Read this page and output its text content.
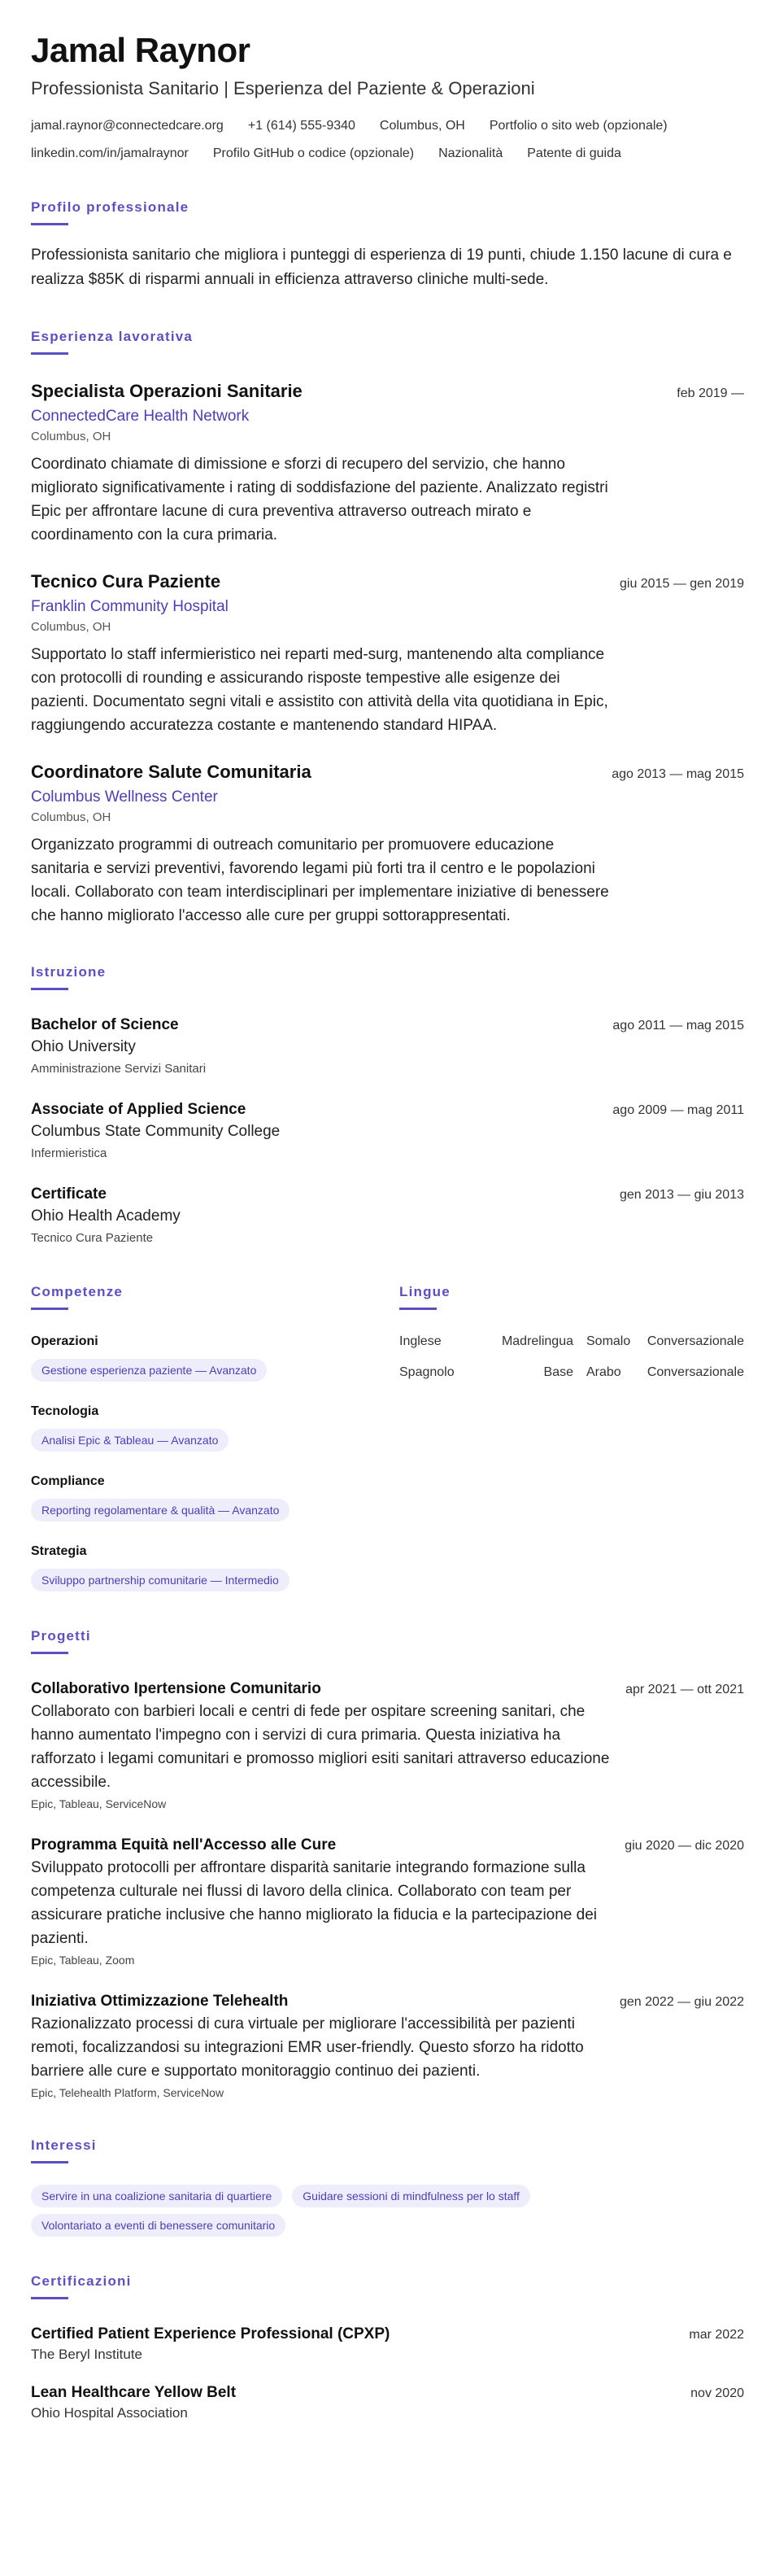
Jamal Raynor
Professionista Sanitario | Esperienza del Paziente & Operazioni
jamal.raynor@connectedcare.org +1 (614) 555-9340 Columbus, OH Portfolio o sito web (opzionale)
linkedin.com/in/jamalraynor Profilo GitHub o codice (opzionale) Nazionalità Patente di guida
Profilo professionale
Professionista sanitario che migliora i punteggi di esperienza di 19 punti, chiude 1.150 lacune di cura e realizza $85K di risparmi annuali in efficienza attraverso cliniche multi-sede.
Esperienza lavorativa
Specialista Operazioni Sanitarie	feb 2019 —
ConnectedCare Health Network
Columbus, OH
Coordinato chiamate di dimissione e sforzi di recupero del servizio, che hanno migliorato significativamente i rating di soddisfazione del paziente. Analizzato registri Epic per affrontare lacune di cura preventiva attraverso outreach mirato e coordinamento con la cura primaria.
Tecnico Cura Paziente	giu 2015 — gen 2019
Franklin Community Hospital
Columbus, OH
Supportato lo staff infermieristico nei reparti med-surg, mantenendo alta compliance con protocolli di rounding e assicurando risposte tempestive alle esigenze dei pazienti. Documentato segni vitali e assistito con attività della vita quotidiana in Epic, raggiungendo accuratezza costante e mantenendo standard HIPAA.
Coordinatore Salute Comunitaria	ago 2013 — mag 2015
Columbus Wellness Center
Columbus, OH
Organizzato programmi di outreach comunitario per promuovere educazione sanitaria e servizi preventivi, favorendo legami più forti tra il centro e le popolazioni locali. Collaborato con team interdisciplinari per implementare iniziative di benessere che hanno migliorato l'accesso alle cure per gruppi sottorappresentati.
Istruzione
Bachelor of Science	ago 2011 — mag 2015
Ohio University
Amministrazione Servizi Sanitari
Associate of Applied Science	ago 2009 — mag 2011
Columbus State Community College
Infermieristica
Certificate	gen 2013 — giu 2013
Ohio Health Academy
Tecnico Cura Paziente
Competenze
Operazioni
Gestione esperienza paziente — Avanzato
Tecnologia
Analisi Epic & Tableau — Avanzato
Compliance
Reporting regolamentare & qualità — Avanzato
Strategia
Sviluppo partnership comunitarie — Intermedio
Lingue
Inglese	Madrelingua Somalo	Conversazionale
Spagnolo	Base Arabo	Conversazionale
Progetti
Collaborativo Ipertensione Comunitario	apr 2021 — ott 2021
Collaborato con barbieri locali e centri di fede per ospitare screening sanitari, che hanno aumentato l'impegno con i servizi di cura primaria. Questa iniziativa ha rafforzato i legami comunitari e promosso migliori esiti sanitari attraverso educazione accessibile.
Epic, Tableau, ServiceNow
Programma Equità nell'Accesso alle Cure	giu 2020 — dic 2020
Sviluppato protocolli per affrontare disparità sanitarie integrando formazione sulla competenza culturale nei flussi di lavoro della clinica. Collaborato con team per assicurare pratiche inclusive che hanno migliorato la fiducia e la partecipazione dei pazienti.
Epic, Tableau, Zoom
Iniziativa Ottimizzazione Telehealth	gen 2022 — giu 2022
Razionalizzato processi di cura virtuale per migliorare l'accessibilità per pazienti remoti, focalizzandosi su integrazioni EMR user-friendly. Questo sforzo ha ridotto barriere alle cure e supportato monitoraggio continuo dei pazienti.
Epic, Telehealth Platform, ServiceNow
Interessi
Servire in una coalizione sanitaria di quartiere	Guidare sessioni di mindfulness per lo staff
Volontariato a eventi di benessere comunitario
Certificazioni
Certified Patient Experience Professional (CPXP)	mar 2022
The Beryl Institute
Lean Healthcare Yellow Belt	nov 2020
Ohio Hospital Association
